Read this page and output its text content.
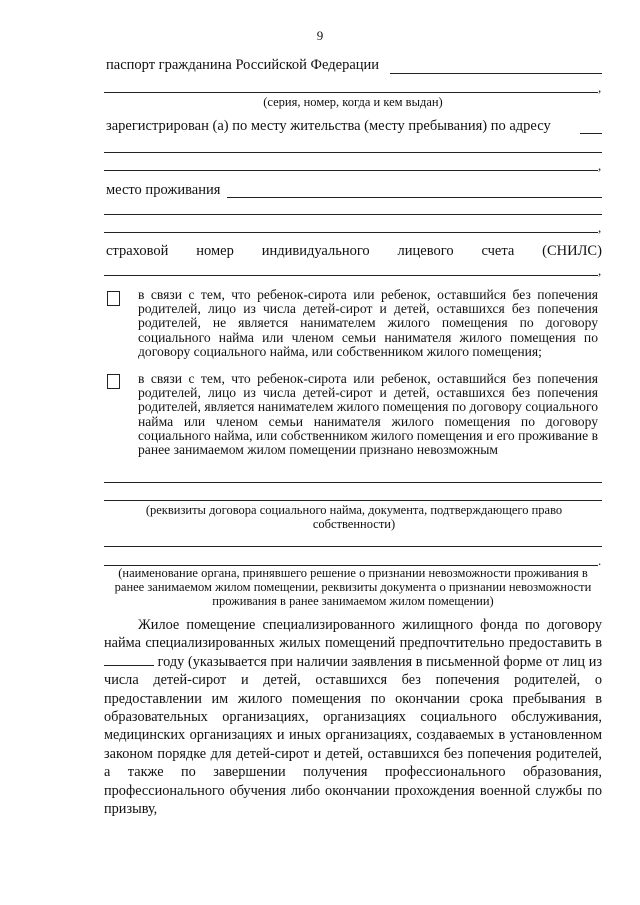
9
паспорт гражданина Российской Федерации
,
(серия, номер, когда и кем выдан)
зарегистрирован (а) по месту жительства (месту пребывания) по адресу
,
место проживания
,
страховой номер индивидуального лицевого счета (СНИЛС)
,
в связи с тем, что ребенок-сирота или ребенок, оставшийся без попечения родителей, лицо из числа детей-сирот и детей, оставшихся без попечения родителей, не является нанимателем жилого помещения по договору социального найма или членом семьи нанимателя жилого помещения по договору социального найма, или собственником жилого помещения;
в связи с тем, что ребенок-сирота или ребенок, оставшийся без попечения родителей, лицо из числа детей-сирот и детей, оставшихся без попечения родителей, является нанимателем жилого помещения по договору социального найма или членом семьи нанимателя жилого помещения по договору социального найма, или собственником жилого помещения и его проживание в ранее занимаемом жилом помещении признано невозможным
(реквизиты договора социального найма, документа, подтверждающего право собственности)
.
(наименование органа, принявшего решение о признании невозможности проживания в ранее занимаемом жилом помещении, реквизиты документа о признании невозможности проживания в ранее занимаемом жилом помещении)
Жилое помещение специализированного жилищного фонда по договору найма специализированных жилых помещений предпочтительно предоставить в  году (указывается при наличии заявления в письменной форме от лиц из числа детей-сирот и детей, оставшихся без попечения родителей, о предоставлении им жилого помещения по окончании срока пребывания в образовательных организациях, организациях социального обслуживания, медицинских организациях и иных организациях, создаваемых в установленном законом порядке для детей-сирот и детей, оставшихся без попечения родителей, а также по завершении получения профессионального образования, профессионального обучения либо окончании прохождения военной службы по призыву,
